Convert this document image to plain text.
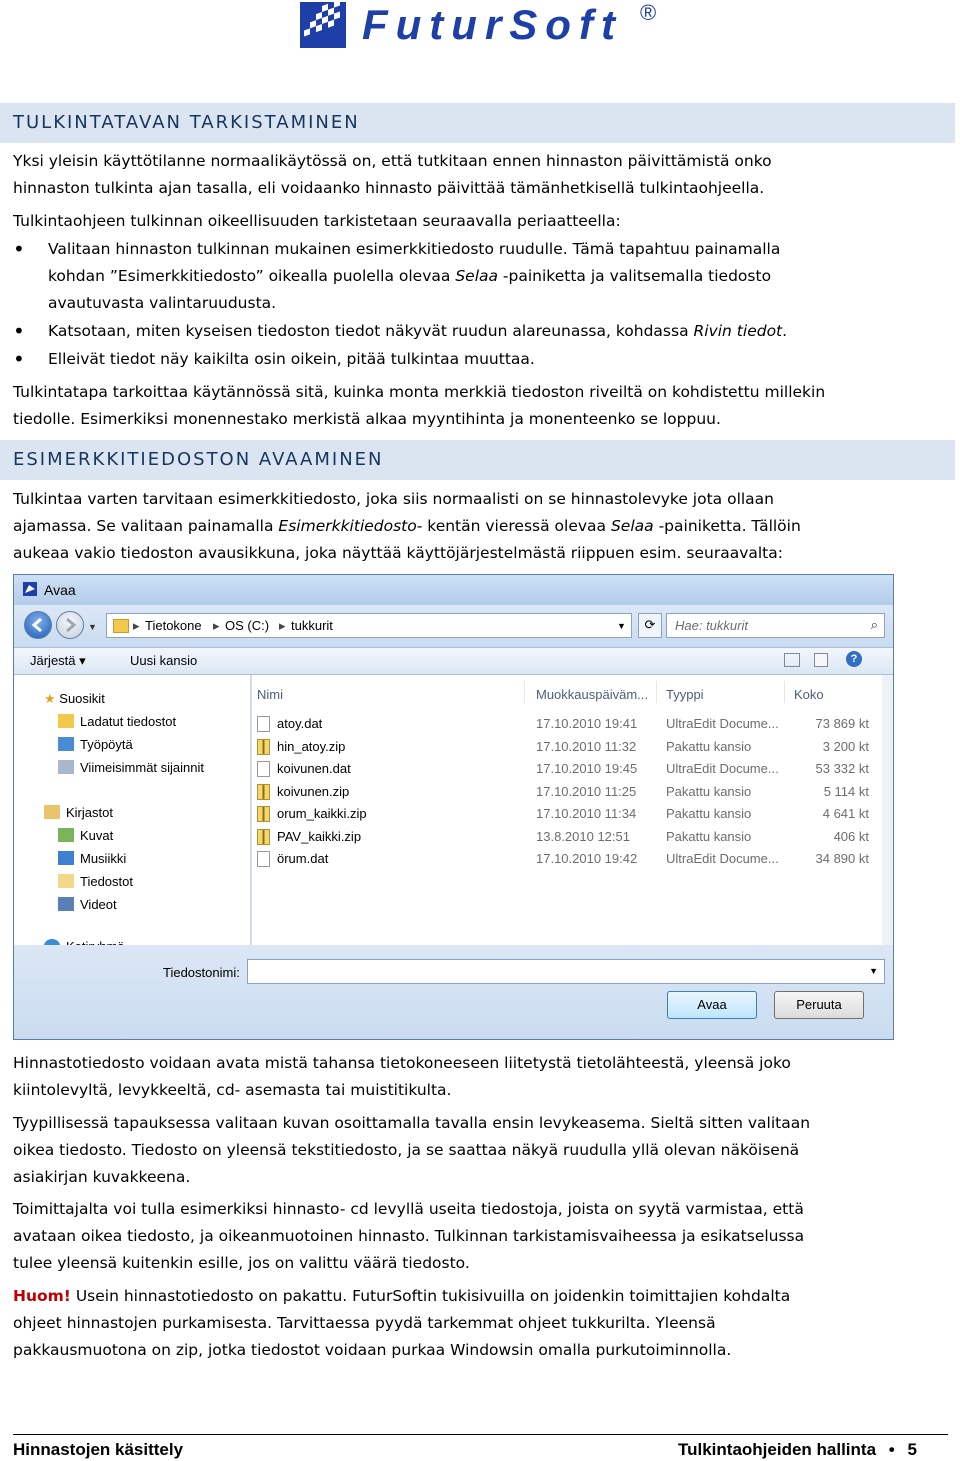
FuturSoft ®
TULKINTATAVAN TARKISTAMINEN

Yksi yleisin käyttötilanne normaalikäytössä on, että tutkitaan ennen hinnaston päivittämistä onko hinnaston tulkinta ajan tasalla, eli voidaanko hinnasto päivittää tämänhetkisellä tulkintaohjeella.

Tulkintaohjeen tulkinnan oikeellisuuden tarkistetaan seuraavalla periaatteella:

• Valitaan hinnaston tulkinnan mukainen esimerkkitiedosto ruudulle. Tämä tapahtuu painamalla kohdan ”Esimerkkitiedosto” oikealla puolella olevaa Selaa -painiketta ja valitsemalla tiedosto avautuvasta valintaruudusta.
• Katsotaan, miten kyseisen tiedoston tiedot näkyvät ruudun alareunassa, kohdassa Rivin tiedot.
• Elleivät tiedot näy kaikilta osin oikein, pitää tulkintaa muuttaa.

Tulkintatapa tarkoittaa käytännössä sitä, kuinka monta merkkiä tiedoston riveiltä on kohdistettu millekin tiedolle. Esimerkiksi monennestako merkistä alkaa myyntihinta ja monenteenko se loppuu.

ESIMERKKITIEDOSTON AVAAMINEN

Tulkintaa varten tarvitaan esimerkkitiedosto, joka siis normaalisti on se hinnastolevyke jota ollaan ajamassa. Se valitaan painamalla Esimerkkitiedosto- kentän vieressä olevaa Selaa -painiketta. Tällöin aukeaa vakio tiedoston avausikkuna, joka näyttää käyttöjärjestelmästä riippuen esim. seuraavalta:

Avaa
▼	▸ Tietokone ▸ OS (C:) ▸ tukkurit	▼	⟳	Hae: tukkurit	⌕
Järjestä ▾	Uusi kansio	?
★ Suosikit
Ladatut tiedostot
Työpöytä
Viimeisimmät sijainnit
Kirjastot
Kuvat
Musiikki
Tiedostot
Videot
Nimi	Muokkauspäiväm... Tyyppi	Koko
Tiedostonimi:	▼
Avaa	Peruuta
atoy.dat	17.10.2010 19:41 UltraEdit Docume...	73 869 kt
hin_atoy.zip	17.10.2010 11:32 Pakattu kansio	3 200 kt
koivunen.dat	17.10.2010 19:45 UltraEdit Docume...	53 332 kt
koivunen.zip	17.10.2010 11:25 Pakattu kansio	5 114 kt
orum_kaikki.zip	17.10.2010 11:34 Pakattu kansio	4 641 kt
PAV_kaikki.zip	13.8.2010 12:51	Pakattu kansio	406 kt
örum.dat	17.10.2010 19:42 UltraEdit Docume...	34 890 kt

Hinnastotiedosto voidaan avata mistä tahansa tietokoneeseen liitetystä tietolähteestä, yleensä joko kiintolevyltä, levykkeeltä, cd- asemasta tai muistitikulta.

Tyypillisessä tapauksessa valitaan kuvan osoittamalla tavalla ensin levykeasema. Sieltä sitten valitaan oikea tiedosto. Tiedosto on yleensä tekstitiedosto, ja se saattaa näkyä ruudulla yllä olevan näköisenä asiakirjan kuvakkeena.

Toimittajalta voi tulla esimerkiksi hinnasto- cd levyllä useita tiedostoja, joista on syytä varmistaa, että avataan oikea tiedosto, ja oikeanmuotoinen hinnasto. Tulkinnan tarkistamisvaiheessa ja esikatselussa tulee yleensä kuitenkin esille, jos on valittu väärä tiedosto.

Huom! Usein hinnastotiedosto on pakattu. FuturSoftin tukisivuilla on joidenkin toimittajien kohdalta ohjeet hinnastojen purkamisesta. Tarvittaessa pyydä tarkemmat ohjeet tukkurilta. Yleensä pakkausmuotona on zip, jotka tiedostot voidaan purkaa Windowsin omalla purkutoiminnolla.

Hinnastojen käsittely	Tulkintaohjeiden hallinta • 5
